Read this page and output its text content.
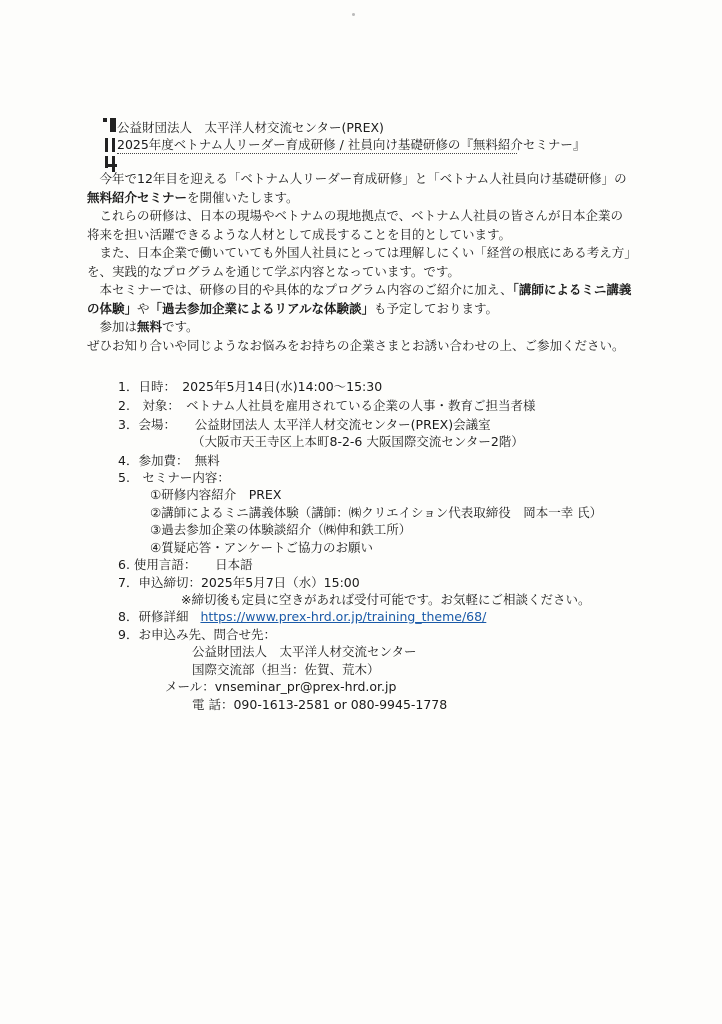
公益財団法人　太平洋人材交流センター(PREX)
2025年度ベトナム人リーダー育成研修 / 社員向け基礎研修の『無料紹介セミナー』

今年で12年目を迎える「ベトナム人リーダー育成研修」と「ベトナム人社員向け基礎研修」の無料紹介セミナーを開催いたします。

これらの研修は、日本の現場やベトナムの現地拠点で、ベトナム人社員の皆さんが日本企業の将来を担い活躍できるような人材として成長することを目的としています。

また、日本企業で働いていても外国人社員にとっては理解しにくい「経営の根底にある考え方」を、実践的なプログラムを通じて学ぶ内容となっています。です。

本セミナーでは、研修の目的や具体的なプログラム内容のご紹介に加え、「講師によるミニ講義の体験」や「過去参加企業によるリアルな体験談」も予定しております。

参加は無料です。

ぜひお知り合いや同じようなお悩みをお持ちの企業さまとお誘い合わせの上、ご参加ください。

1．日時：　2025年5月14日(水)14:00～15:30
2.　対象：　ベトナム人社員を雇用されている企業の人事・教育ご担当者様
3．会場：　　公益財団法人 太平洋人材交流センター(PREX)会議室
（大阪市天王寺区上本町8-2-6 大阪国際交流センター2階）
4．参加費：　無料
5.　セミナー内容：
①研修内容紹介　PREX
②講師によるミニ講義体験（講師：㈱クリエイション代表取締役　岡本一幸 氏）
③過去参加企業の体験談紹介（㈱伸和鉄工所）
④質疑応答・アンケートご協力のお願い
6. 使用言語：　　日本語
7．申込締切：2025年5月7日（水）15:00
※締切後も定員に空きがあれば受付可能です。お気軽にご相談ください。
8．研修詳細 https://www.prex-hrd.or.jp/training_theme/68/
9．お申込み先、問合せ先：
公益財団法人　太平洋人材交流センター
国際交流部（担当：佐賀、荒木）
メール：vnseminar_pr@prex-hrd.or.jp
電 話：090-1613-2581 or 080-9945-1778
